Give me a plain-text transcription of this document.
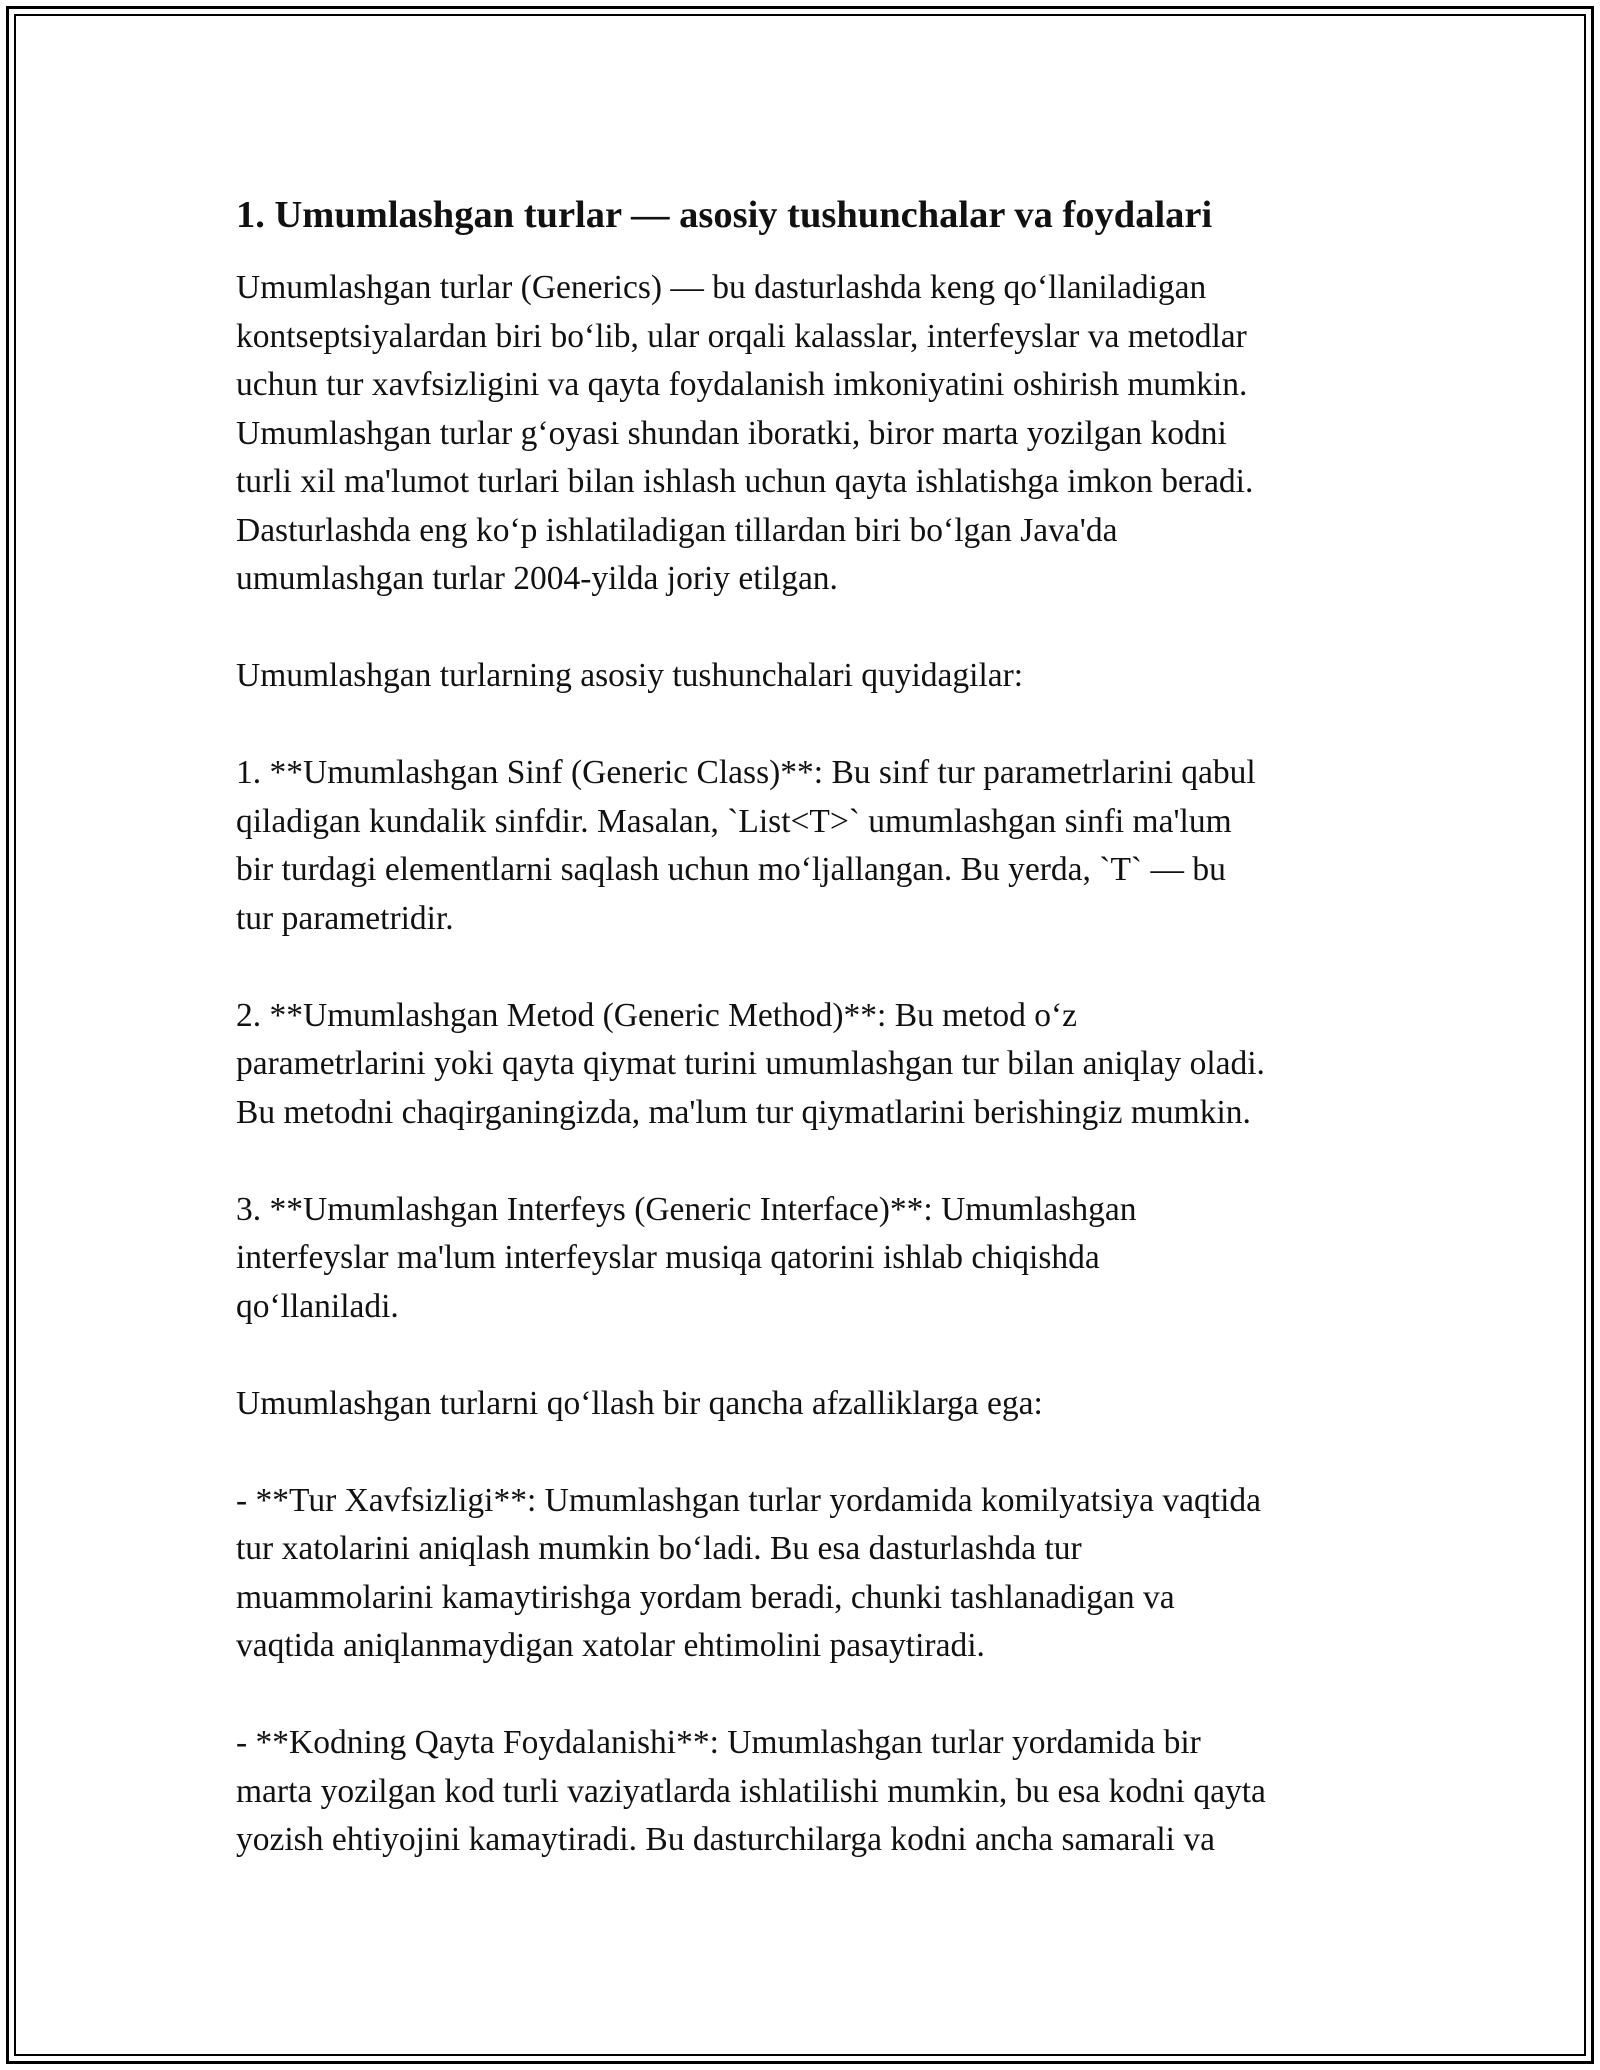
1. Umumlashgan turlar — asosiy tushunchalar va foydalari

Umumlashgan turlar (Generics) — bu dasturlashda keng qo‘llaniladigan
kontseptsiyalardan biri bo‘lib, ular orqali kalasslar, interfeyslar va metodlar
uchun tur xavfsizligini va qayta foydalanish imkoniyatini oshirish mumkin.
Umumlashgan turlar g‘oyasi shundan iboratki, biror marta yozilgan kodni
turli xil ma'lumot turlari bilan ishlash uchun qayta ishlatishga imkon beradi.
Dasturlashda eng ko‘p ishlatiladigan tillardan biri bo‘lgan Java'da
umumlashgan turlar 2004-yilda joriy etilgan.

Umumlashgan turlarning asosiy tushunchalari quyidagilar:

1. **Umumlashgan Sinf (Generic Class)**: Bu sinf tur parametrlarini qabul
qiladigan kundalik sinfdir. Masalan, `List<T>` umumlashgan sinfi ma'lum
bir turdagi elementlarni saqlash uchun mo‘ljallangan. Bu yerda, `T` — bu
tur parametridir.

2. **Umumlashgan Metod (Generic Method)**: Bu metod o‘z
parametrlarini yoki qayta qiymat turini umumlashgan tur bilan aniqlay oladi.
Bu metodni chaqirganingizda, ma'lum tur qiymatlarini berishingiz mumkin.

3. **Umumlashgan Interfeys (Generic Interface)**: Umumlashgan
interfeyslar ma'lum interfeyslar musiqa qatorini ishlab chiqishda
qo‘llaniladi.

Umumlashgan turlarni qo‘llash bir qancha afzalliklarga ega:

- **Tur Xavfsizligi**: Umumlashgan turlar yordamida komilyatsiya vaqtida
tur xatolarini aniqlash mumkin bo‘ladi. Bu esa dasturlashda tur
muammolarini kamaytirishga yordam beradi, chunki tashlanadigan va
vaqtida aniqlanmaydigan xatolar ehtimolini pasaytiradi.

- **Kodning Qayta Foydalanishi**: Umumlashgan turlar yordamida bir
marta yozilgan kod turli vaziyatlarda ishlatilishi mumkin, bu esa kodni qayta
yozish ehtiyojini kamaytiradi. Bu dasturchilarga kodni ancha samarali va
